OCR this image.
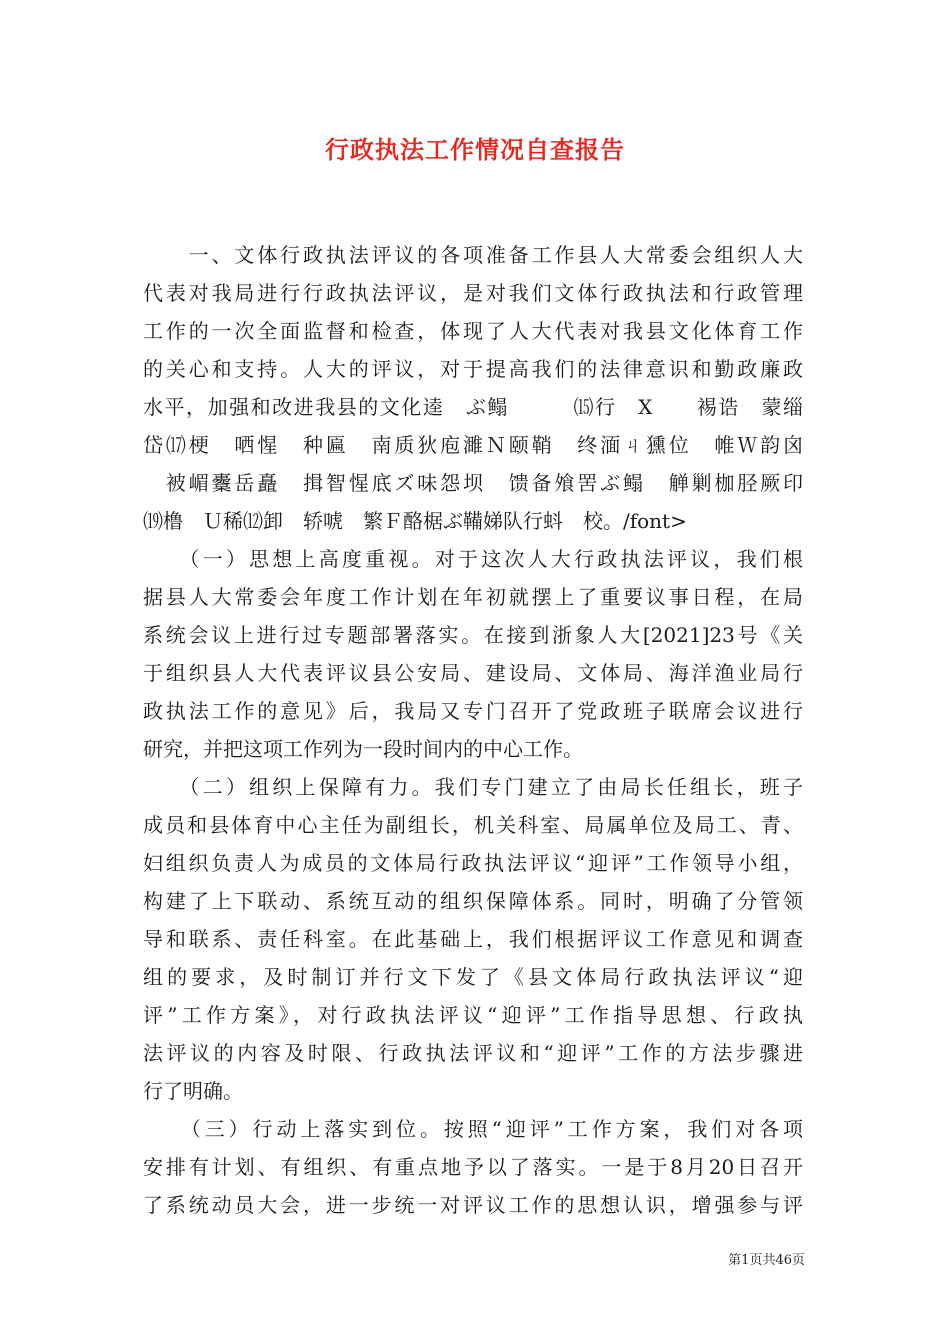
行政执法工作情况自查报告
　　一、文体行政执法评议的各项准备工作县人大常委会组织人大
代表对我局进行行政执法评议，是对我们文体行政执法和行政管理
工作的一次全面监督和检查，体现了人大代表对我县文化体育工作
的关心和支持。人大的评议，对于提高我们的法律意识和勤政廉政
水平，加强和改进我县的文化逵　ぶ鳎　　　⒂行　X　　裼诰　蒙缁
岱⒄梗　哂惺　种匾　南质狄庖濉Ｎ颐鞘　终湎ㄐ獯位　帷Ｗ韵囟
　被嵋櫜岳矗　揖智惺底ズ味怨坝　馈备飧罟ぶ鳎　觯剿枷胫厥印
⒆橹　Ｕ稀⑿卸　轿唬　繁Ｆ酪椐ぶ鞴娣队行蚪　校。/font>
　　（一）思想上高度重视。对于这次人大行政执法评议，我们根
据县人大常委会年度工作计划在年初就摆上了重要议事日程，在局
系统会议上进行过专题部署落实。在接到浙象人大[2021]23号《关
于组织县人大代表评议县公安局、建设局、文体局、海洋渔业局行
政执法工作的意见》后，我局又专门召开了党政班子联席会议进行
研究，并把这项工作列为一段时间内的中心工作。
　　（二）组织上保障有力。我们专门建立了由局长任组长，班子
成员和县体育中心主任为副组长，机关科室、局属单位及局工、青、
妇组织负责人为成员的文体局行政执法评议“迎评”工作领导小组，
构建了上下联动、系统互动的组织保障体系。同时，明确了分管领
导和联系、责任科室。在此基础上，我们根据评议工作意见和调查
组的要求，及时制订并行文下发了《县文体局行政执法评议“迎
评”工作方案》，对行政执法评议“迎评”工作指导思想、行政执
法评议的内容及时限、行政执法评议和“迎评”工作的方法步骤进
行了明确。
　　（三）行动上落实到位。按照“迎评”工作方案，我们对各项
安排有计划、有组织、有重点地予以了落实。一是于8月20日召开
了系统动员大会，进一步统一对评议工作的思想认识，增强参与评
第1页共46页
